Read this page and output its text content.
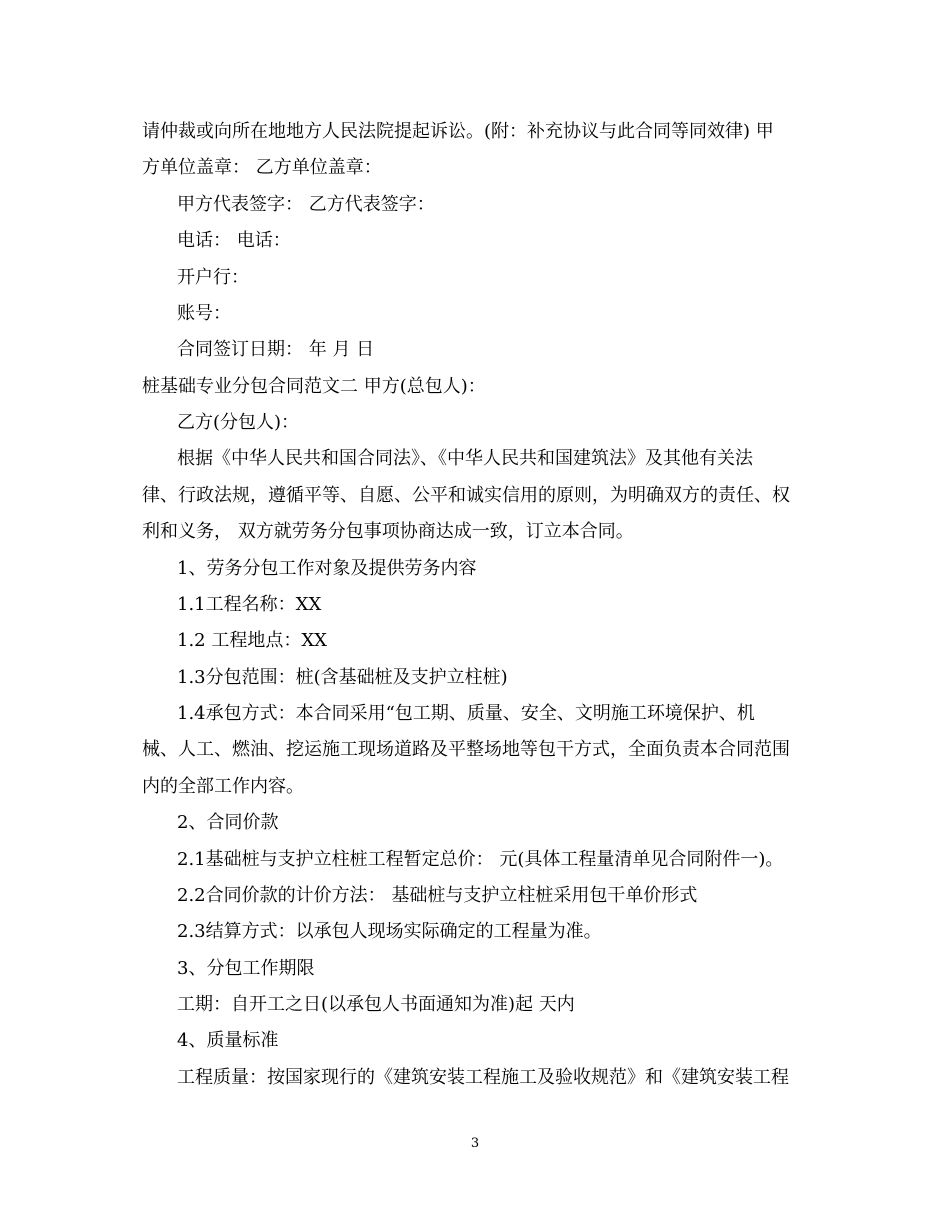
请仲裁或向所在地地方人民法院提起诉讼。(附：补充协议与此合同等同效律) 甲
方单位盖章： 乙方单位盖章：
甲方代表签字： 乙方代表签字：
电话： 电话：
开户行：
账号：
合同签订日期： 年 月 日
桩基础专业分包合同范文二 甲方(总包人)：
乙方(分包人)：
根据《中华人民共和国合同法》、《中华人民共和国建筑法》及其他有关法
律、行政法规，遵循平等、自愿、公平和诚实信用的原则，为明确双方的责任、权
利和义务， 双方就劳务分包事项协商达成一致，订立本合同。
1、劳务分包工作对象及提供劳务内容
1.1工程名称：XX
1.2 工程地点：XX
1.3分包范围：桩(含基础桩及支护立柱桩)
1.4承包方式：本合同采用“包工期、质量、安全、文明施工环境保护、机
械、人工、燃油、挖运施工现场道路及平整场地等包干方式，全面负责本合同范围
内的全部工作内容。
2、合同价款
2.1基础桩与支护立柱桩工程暂定总价： 元(具体工程量清单见合同附件一)。
2.2合同价款的计价方法： 基础桩与支护立柱桩采用包干单价形式
2.3结算方式：以承包人现场实际确定的工程量为准。
3、分包工作期限
工期：自开工之日(以承包人书面通知为准)起 天内
4、质量标准
工程质量：按国家现行的《建筑安装工程施工及验收规范》和《建筑安装工程
3
